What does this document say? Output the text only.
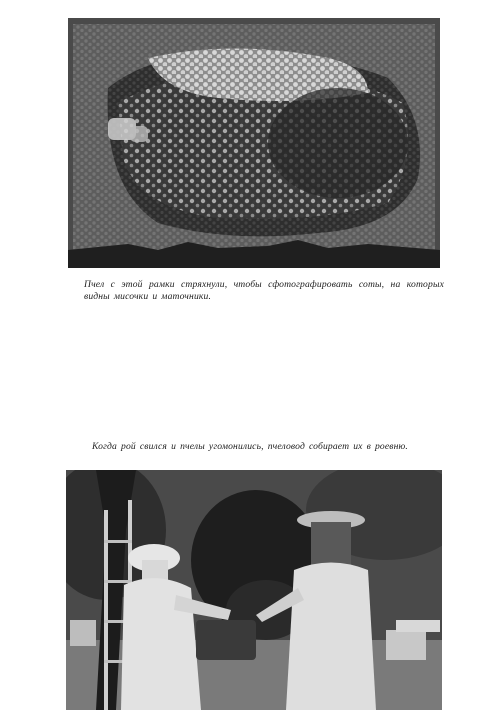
Пчел с этой рамки стряхнули, чтобы сфотографировать соты, на которых видны мисочки и маточники.
Когда рой свился и пчелы угомонились, пчеловод собирает их в роевню.
